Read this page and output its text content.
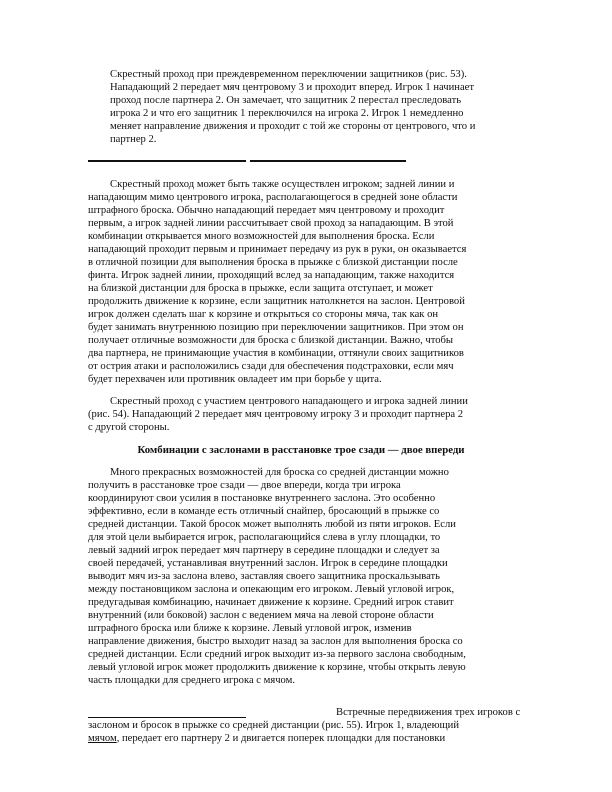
Скрестный проход при преждевременном переключении защитников (рис. 53).
Нападающий 2 передает мяч центровому 3 и проходит вперед. Игрок 1 начинает
проход после партнера 2. Он замечает, что защитник 2 перестал преследовать
игрока 2 и что его защитник 1 переключился на игрока 2. Игрок 1 немедленно
меняет направление движения и проходит с той же стороны от центрового, что и
партнер 2.

Скрестный проход может быть также осуществлен игроком; задней линии и
нападающим мимо центрового игрока, располагающегося в средней зоне области
штрафного броска. Обычно нападающий передает мяч центровому и проходит
первым, а игрок задней линии рассчитывает свой проход за нападающим. В этой
комбинации открывается много возможностей для выполнения броска. Если
нападающий проходит первым и принимает передачу из рук в руки, он оказывается
в отличной позиции для выполнения броска в прыжке с близкой дистанции после
финта. Игрок задней линии, проходящий вслед за нападающим, также находится
на близкой дистанции для броска в прыжке, если защита отступает, и может
продолжить движение к корзине, если защитник натолкнется на заслон. Центровой
игрок должен сделать шаг к корзине и открыться со стороны мяча, так как он
будет занимать внутреннюю позицию при переключении защитников. При этом он
получает отличные возможности для броска с близкой дистанции. Важно, чтобы
два партнера, не принимающие участия в комбинации, оттянули своих защитников
от острия атаки и расположились сзади для обеспечения подстраховки, если мяч
будет перехвачен или противник овладеет им при борьбе у щита.

Скрестный проход с участием центрового нападающего и игрока задней линии
(рис. 54). Нападающий 2 передает мяч центровому игроку 3 и проходит партнера 2
с другой стороны.

Комбинации с заслонами в расстановке трое сзади — двое впереди

Много прекрасных возможностей для броска со средней дистанции можно
получить в расстановке трое сзади — двое впереди, когда три игрока
координируют свои усилия в постановке внутреннего заслона. Это особенно
эффективно, если в команде есть отличный снайпер, бросающий в прыжке со
средней дистанции. Такой бросок может выполнять любой из пяти игроков. Если
для этой цели выбирается игрок, располагающийся слева в углу площадки, то
левый задний игрок передает мяч партнеру в середине площадки и следует за
своей передачей, устанавливая внутренний заслон. Игрок в середине площадки
выводит мяч из-за заслона влево, заставляя своего защитника проскальзывать
между постановщиком заслона и опекающим его игроком. Левый угловой игрок,
предугадывая комбинацию, начинает движение к корзине. Средний игрок ставит
внутренний (или боковой) заслон с ведением мяча на левой стороне области
штрафного броска или ближе к корзине. Левый угловой игрок, изменив
направление движения, быстро выходит назад за заслон для выполнения броска со
средней дистанции. Если средний игрок выходит из-за первого заслона свободным,
левый угловой игрок может продолжить движение к корзине, чтобы открыть левую
часть площадки для среднего игрока с мячом.

Встречные передвижения трех игроков с
заслоном и бросок в прыжке со средней дистанции (рис. 55). Игрок 1, владеющий
мячом, передает его партнеру 2 и двигается поперек площадки для постановки
